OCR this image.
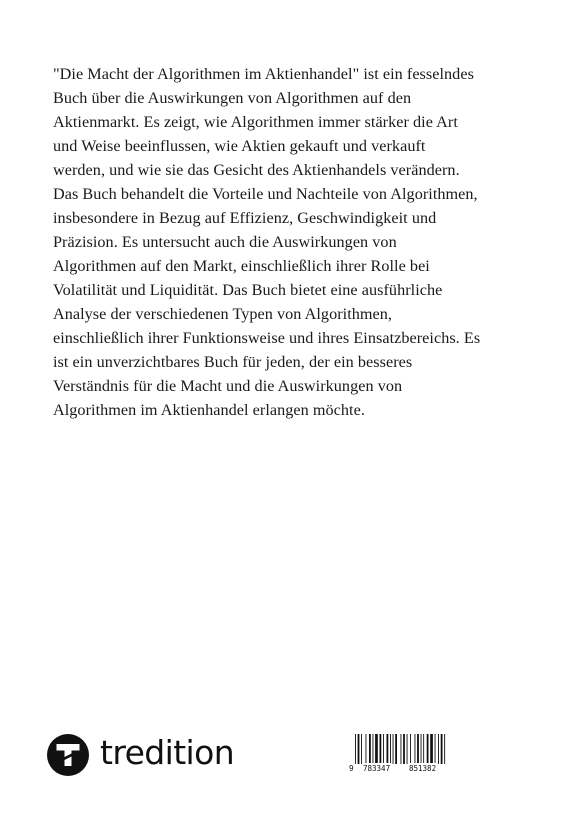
"Die Macht der Algorithmen im Aktienhandel" ist ein fesselndes
Buch über die Auswirkungen von Algorithmen auf den
Aktienmarkt. Es zeigt, wie Algorithmen immer stärker die Art
und Weise beeinflussen, wie Aktien gekauft und verkauft
werden, und wie sie das Gesicht des Aktienhandels verändern.
Das Buch behandelt die Vorteile und Nachteile von Algorithmen,
insbesondere in Bezug auf Effizienz, Geschwindigkeit und
Präzision. Es untersucht auch die Auswirkungen von
Algorithmen auf den Markt, einschließlich ihrer Rolle bei
Volatilität und Liquidität. Das Buch bietet eine ausführliche
Analyse der verschiedenen Typen von Algorithmen,
einschließlich ihrer Funktionsweise und ihres Einsatzbereichs. Es
ist ein unverzichtbares Buch für jeden, der ein besseres
Verständnis für die Macht und die Auswirkungen von
Algorithmen im Aktienhandel erlangen möchte.
tredition	9 783347	851382
